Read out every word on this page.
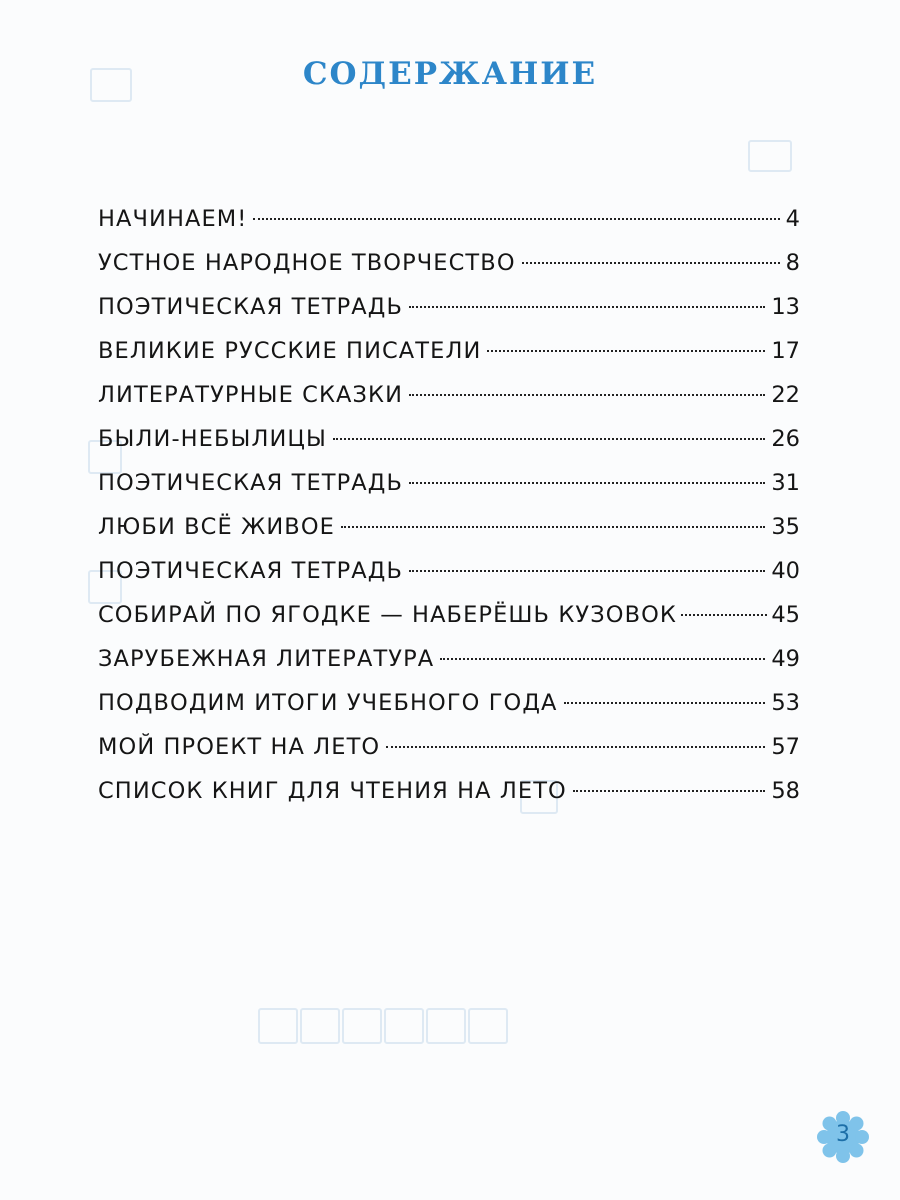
СОДЕРЖАНИЕ
НАЧИНАЕМ!	4
УСТНОЕ НАРОДНОЕ ТВОРЧЕСТВО	8
ПОЭТИЧЕСКАЯ ТЕТРАДЬ	13
ВЕЛИКИЕ РУССКИЕ ПИСАТЕЛИ	17
ЛИТЕРАТУРНЫЕ СКАЗКИ	22
БЫЛИ-НЕБЫЛИЦЫ	26
ПОЭТИЧЕСКАЯ ТЕТРАДЬ	31
ЛЮБИ ВСЁ ЖИВОЕ	35
ПОЭТИЧЕСКАЯ ТЕТРАДЬ	40
СОБИРАЙ ПО ЯГОДКЕ — НАБЕРЁШЬ КУЗОВОК	45
ЗАРУБЕЖНАЯ ЛИТЕРАТУРА	49
ПОДВОДИМ ИТОГИ УЧЕБНОГО ГОДА	53
МОЙ ПРОЕКТ НА ЛЕТО	57
СПИСОК КНИГ ДЛЯ ЧТЕНИЯ НА ЛЕТО	58
3
